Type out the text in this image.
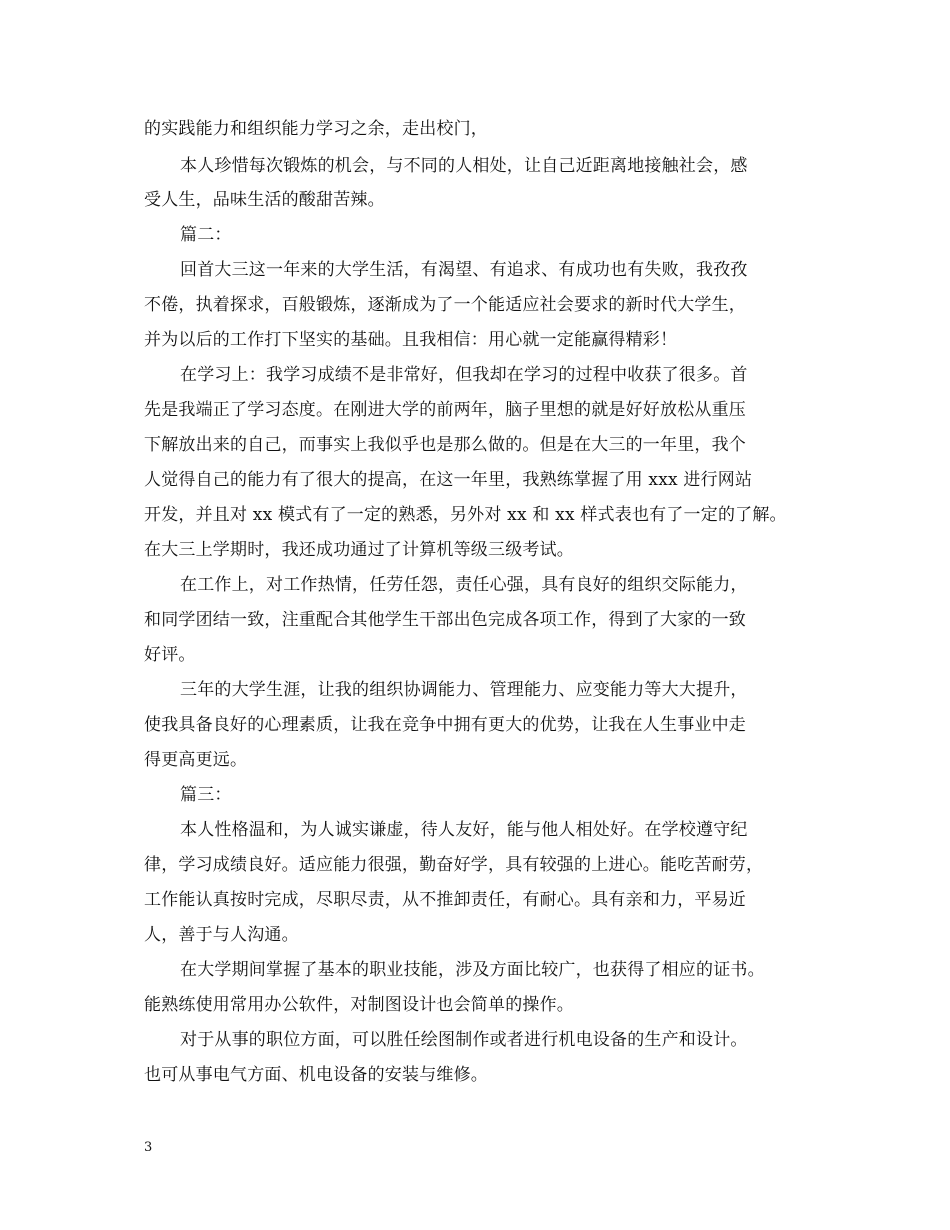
的实践能力和组织能力学习之余，走出校门，
本人珍惜每次锻炼的机会，与不同的人相处，让自己近距离地接触社会，感
受人生，品味生活的酸甜苦辣。
篇二：
回首大三这一年来的大学生活，有渴望、有追求、有成功也有失败，我孜孜
不倦，执着探求，百般锻炼，逐渐成为了一个能适应社会要求的新时代大学生，
并为以后的工作打下坚实的基础。且我相信：用心就一定能赢得精彩！
在学习上：我学习成绩不是非常好，但我却在学习的过程中收获了很多。首
先是我端正了学习态度。在刚进大学的前两年，脑子里想的就是好好放松从重压
下解放出来的自己，而事实上我似乎也是那么做的。但是在大三的一年里，我个
人觉得自己的能力有了很大的提高，在这一年里，我熟练掌握了用 xxx 进行网站
开发，并且对 xx 模式有了一定的熟悉，另外对 xx 和 xx 样式表也有了一定的了解。
在大三上学期时，我还成功通过了计算机等级三级考试。
在工作上，对工作热情，任劳任怨，责任心强，具有良好的组织交际能力，
和同学团结一致，注重配合其他学生干部出色完成各项工作，得到了大家的一致
好评。
三年的大学生涯，让我的组织协调能力、管理能力、应变能力等大大提升，
使我具备良好的心理素质，让我在竞争中拥有更大的优势，让我在人生事业中走
得更高更远。
篇三：
本人性格温和，为人诚实谦虚，待人友好，能与他人相处好。在学校遵守纪
律，学习成绩良好。适应能力很强，勤奋好学，具有较强的上进心。能吃苦耐劳，
工作能认真按时完成，尽职尽责，从不推卸责任，有耐心。具有亲和力，平易近
人，善于与人沟通。
在大学期间掌握了基本的职业技能，涉及方面比较广，也获得了相应的证书。
能熟练使用常用办公软件，对制图设计也会简单的操作。
对于从事的职位方面，可以胜任绘图制作或者进行机电设备的生产和设计。
也可从事电气方面、机电设备的安装与维修。
3
